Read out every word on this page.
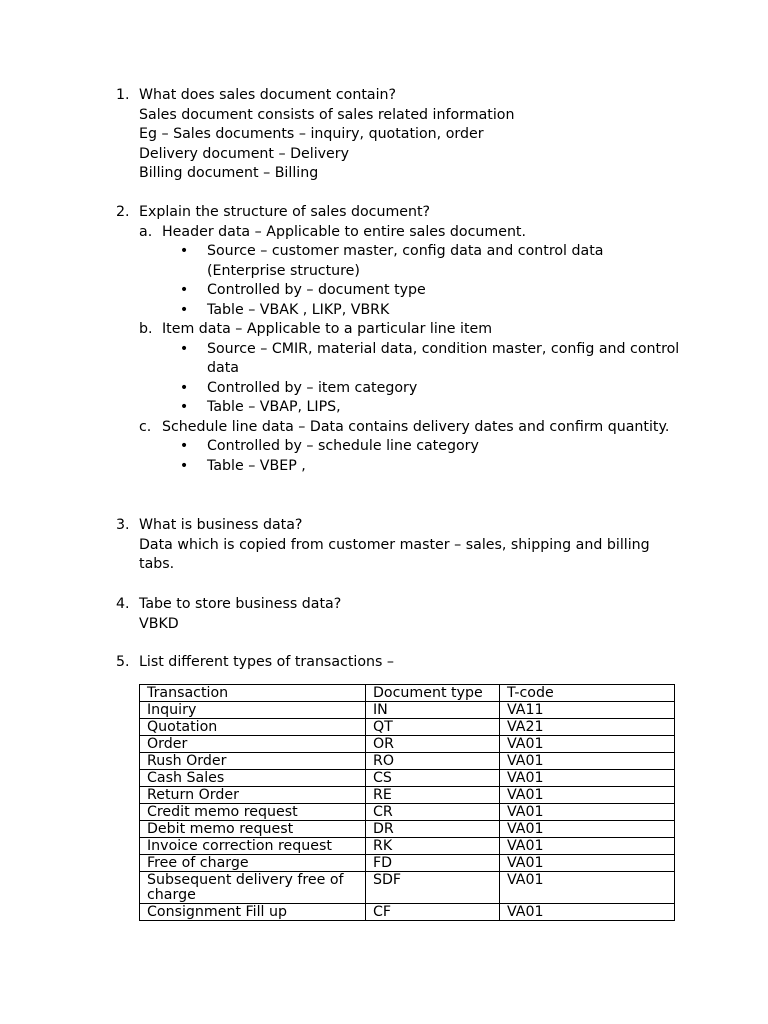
1. What does sales document contain?
Sales document consists of sales related information
Eg – Sales documents – inquiry, quotation, order
Delivery document – Delivery
Billing document – Billing
2. Explain the structure of sales document?
a. Header data – Applicable to entire sales document.
•	Source – customer master, config data and control data (Enterprise structure)
•	Controlled by – document type
•	Table – VBAK , LIKP, VBRK
b. Item data – Applicable to a particular line item
•	Source – CMIR, material data, condition master, config and control data
•	Controlled by – item category
•	Table – VBAP, LIPS,
c. Schedule line data – Data contains delivery dates and confirm quantity.
•	Controlled by – schedule line category
•	Table – VBEP ,
3. What is business data?
Data which is copied from customer master – sales, shipping and billing tabs.
4. Tabe to store business data?
VBKD
5. List different types of transactions –
Transaction	Document type	T-code
Inquiry	IN	VA11
Quotation	QT	VA21
Order	OR	VA01
Rush Order	RO	VA01
Cash Sales	CS	VA01
Return Order	RE	VA01
Credit memo request	CR	VA01
Debit memo request	DR	VA01
Invoice correction request	RK	VA01
Free of charge	FD	VA01
Subsequent delivery free of charge	SDF	VA01
Consignment Fill up	CF	VA01
